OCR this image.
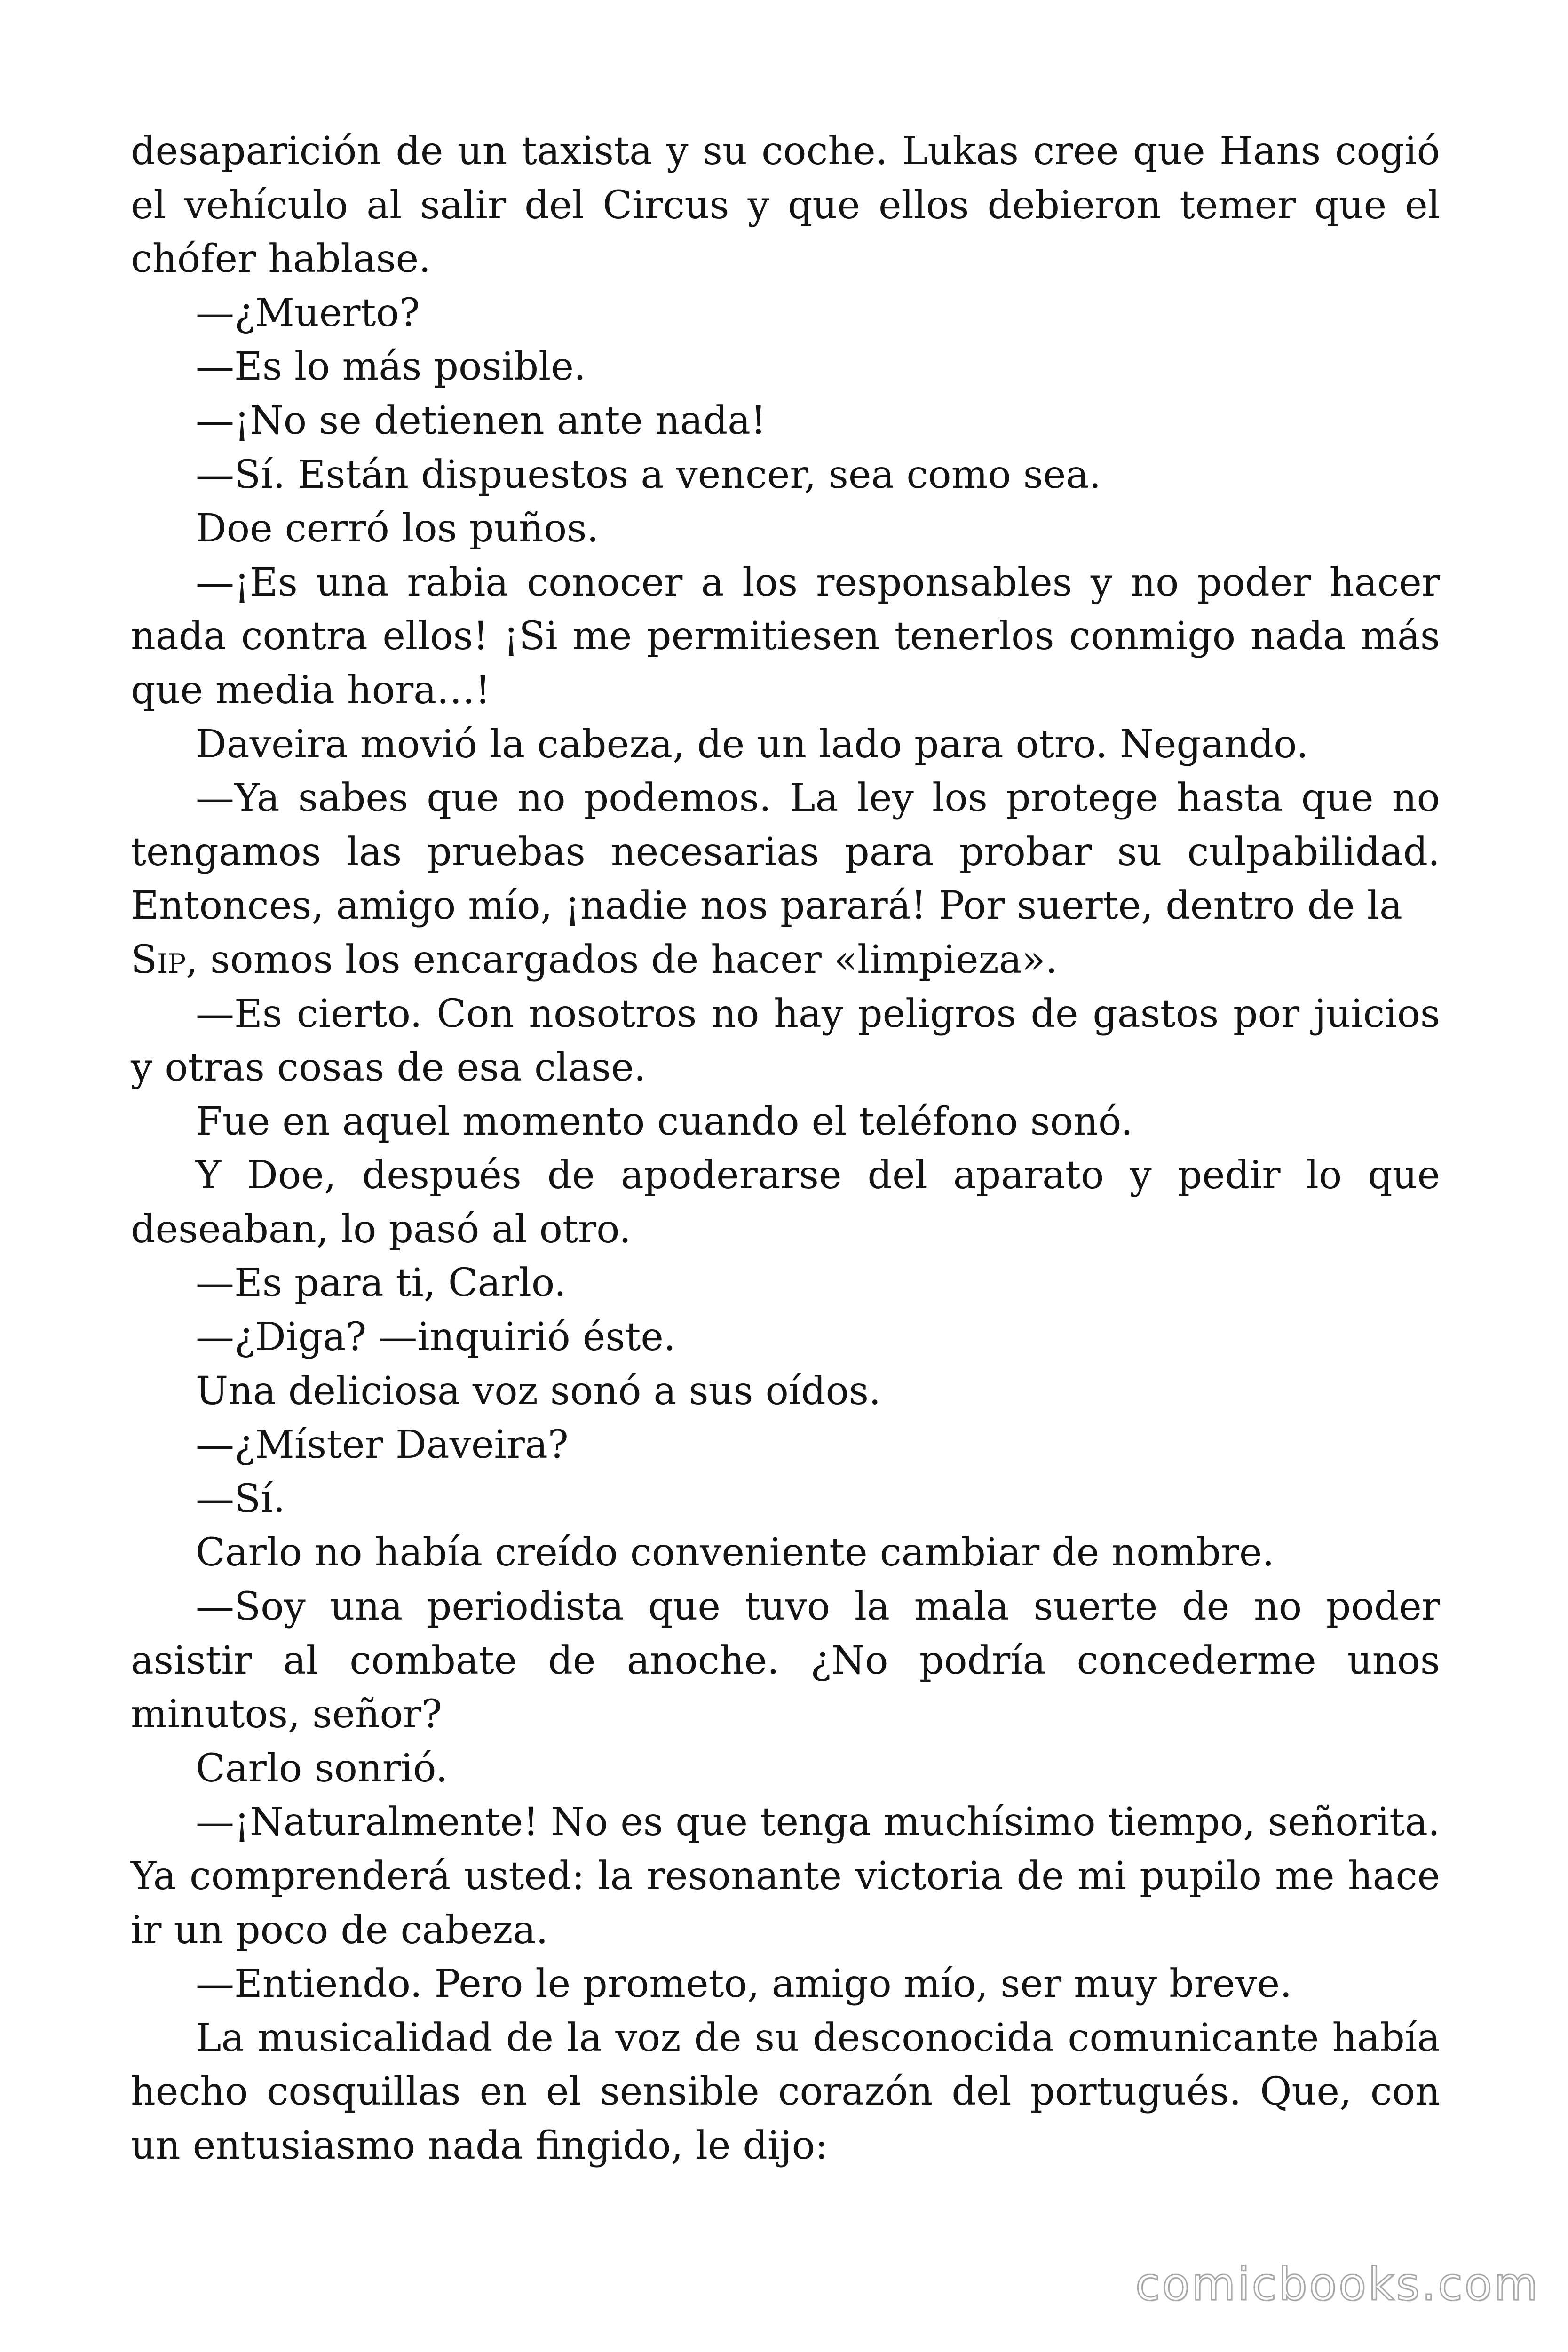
desaparición de un taxista y su coche. Lukas cree que Hans cogió el vehículo al salir del Circus y que ellos debieron temer que el chófer hablase.

—¿Muerto?

—Es lo más posible.

—¡No se detienen ante nada!

—Sí. Están dispuestos a vencer, sea como sea.

Doe cerró los puños.

—¡Es una rabia conocer a los responsables y no poder hacer nada contra ellos! ¡Si me permitiesen tenerlos conmigo nada más que media hora…!

Daveira movió la cabeza, de un lado para otro. Negando.

—Ya sabes que no podemos. La ley los protege hasta que no tengamos las pruebas necesarias para probar su culpabilidad. Entonces, amigo mío, ¡nadie nos parará! Por suerte, dentro de la
Sip, somos los encargados de hacer «limpieza».

—Es cierto. Con nosotros no hay peligros de gastos por juicios y otras cosas de esa clase.

Fue en aquel momento cuando el teléfono sonó.

Y Doe, después de apoderarse del aparato y pedir lo que deseaban, lo pasó al otro.

—Es para ti, Carlo.

—¿Diga? —inquirió éste.

Una deliciosa voz sonó a sus oídos.

—¿Míster Daveira?

—Sí.

Carlo no había creído conveniente cambiar de nombre.

—Soy una periodista que tuvo la mala suerte de no poder asistir al combate de anoche. ¿No podría concederme unos minutos, señor?

Carlo sonrió.

—¡Naturalmente! No es que tenga muchísimo tiempo, señorita. Ya comprenderá usted: la resonante victoria de mi pupilo me hace ir un poco de cabeza.

—Entiendo. Pero le prometo, amigo mío, ser muy breve.

La musicalidad de la voz de su desconocida comunicante había hecho cosquillas en el sensible corazón del portugués. Que, con un entusiasmo nada fingido, le dijo:

comicbooks.com
